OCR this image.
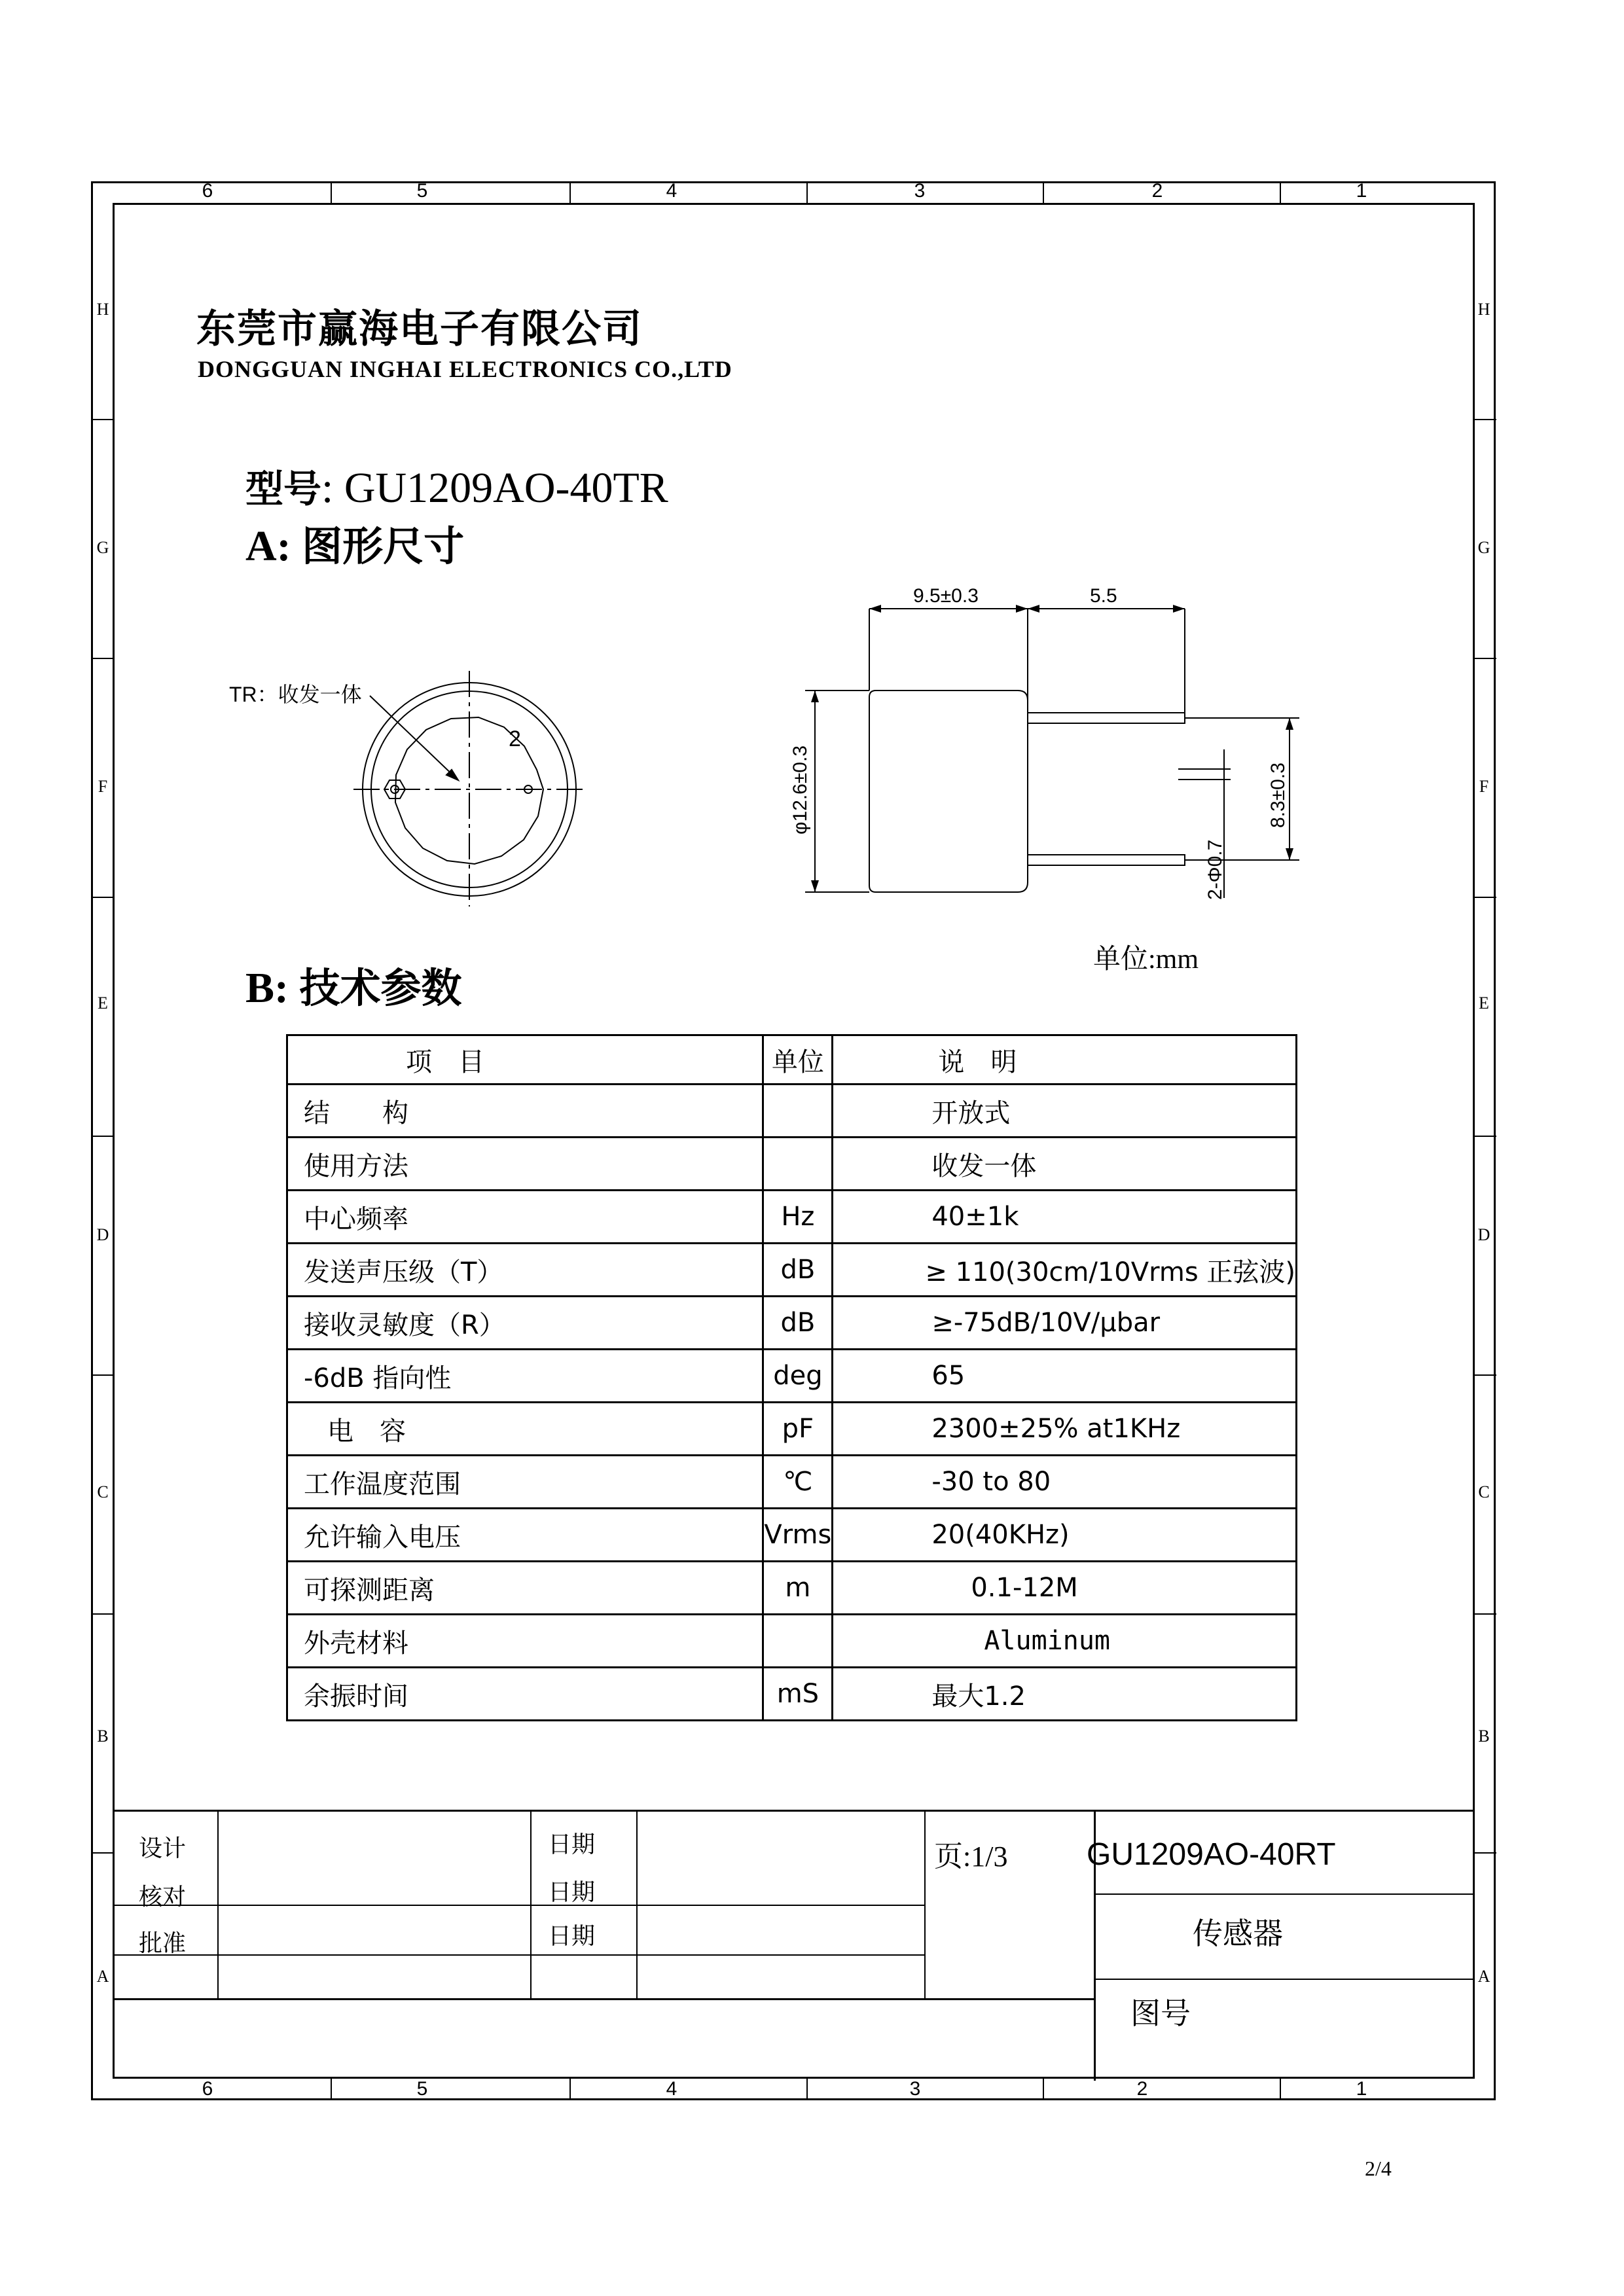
6	5	4	3	2	1
6	5	4	3	2	1
H
G
F
E
D
C
B
A
H
G
F
E
D
C
B
A
东莞市赢海电子有限公司
DONGGUAN INGHAI ELECTRONICS CO.,LTD
型号: GU1209AO-40TR
A: 图形尺寸
TR：收发一体
2
9.5±0.3	5.5
φ12.6±0.3	8.3±0.3
2-Φ0.7
单位:mm
B: 技术参数
项　目	单位	说　明
结　　构		开放式
使用方法		收发一体
中心频率	Hz	40±1k
发送声压级（T）	dB	≥ 110(30cm/10Vrms 正弦波)
接收灵敏度（R）	dB	≥-75dB/10V/μbar
-6dB 指向性	deg	65
电　容	pF	2300±25% at1KHz
工作温度范围	℃	-30 to 80
允许输入电压	Vrms	20(40KHz)
可探测距离	m	0.1-12M
外壳材料		Aluminum
余振时间	mS	最大1.2
设计
核对
批准
日期
日期
日期
页:1/3	GU1209AO-40RT
传感器
图号
2/4
